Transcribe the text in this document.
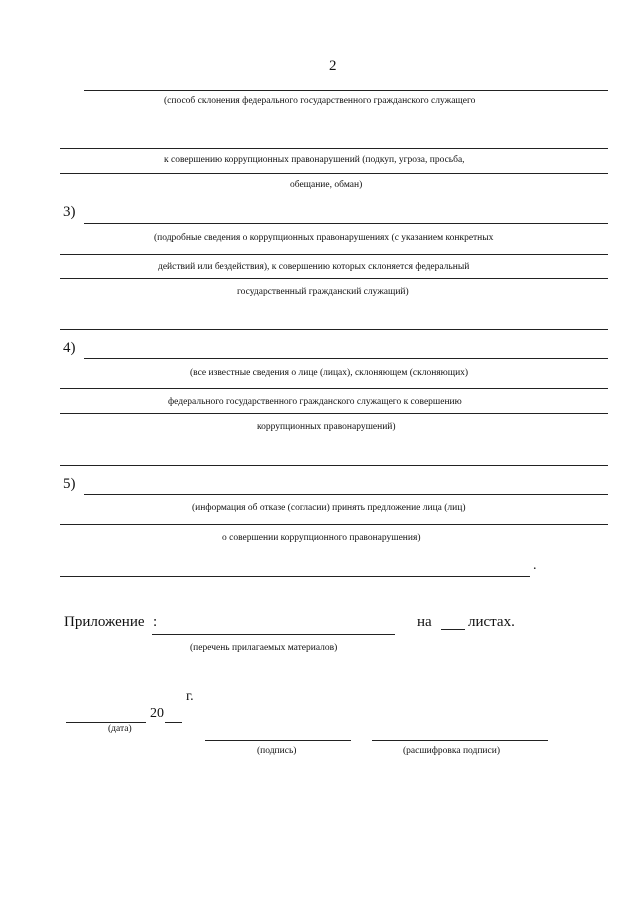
2
(способ склонения федерального государственного гражданского служащего
к совершению коррупционных правонарушений (подкуп, угроза, просьба,
обещание, обман)
3)
(подробные сведения о коррупционных правонарушениях (с указанием конкретных
действий или бездействия), к совершению которых склоняется федеральный
государственный гражданский служащий)
4)
(все известные сведения о лице (лицах), склоняющем (склоняющих)
федерального государственного гражданского служащего к совершению
коррупционных правонарушений)
5)
(информация об отказе (согласии) принять предложение лица (лиц)
о совершении коррупционного правонарушения)
.
Приложение :	на листах.
(перечень прилагаемых материалов)
г.
20
(дата)
(подпись)	(расшифровка подписи)
